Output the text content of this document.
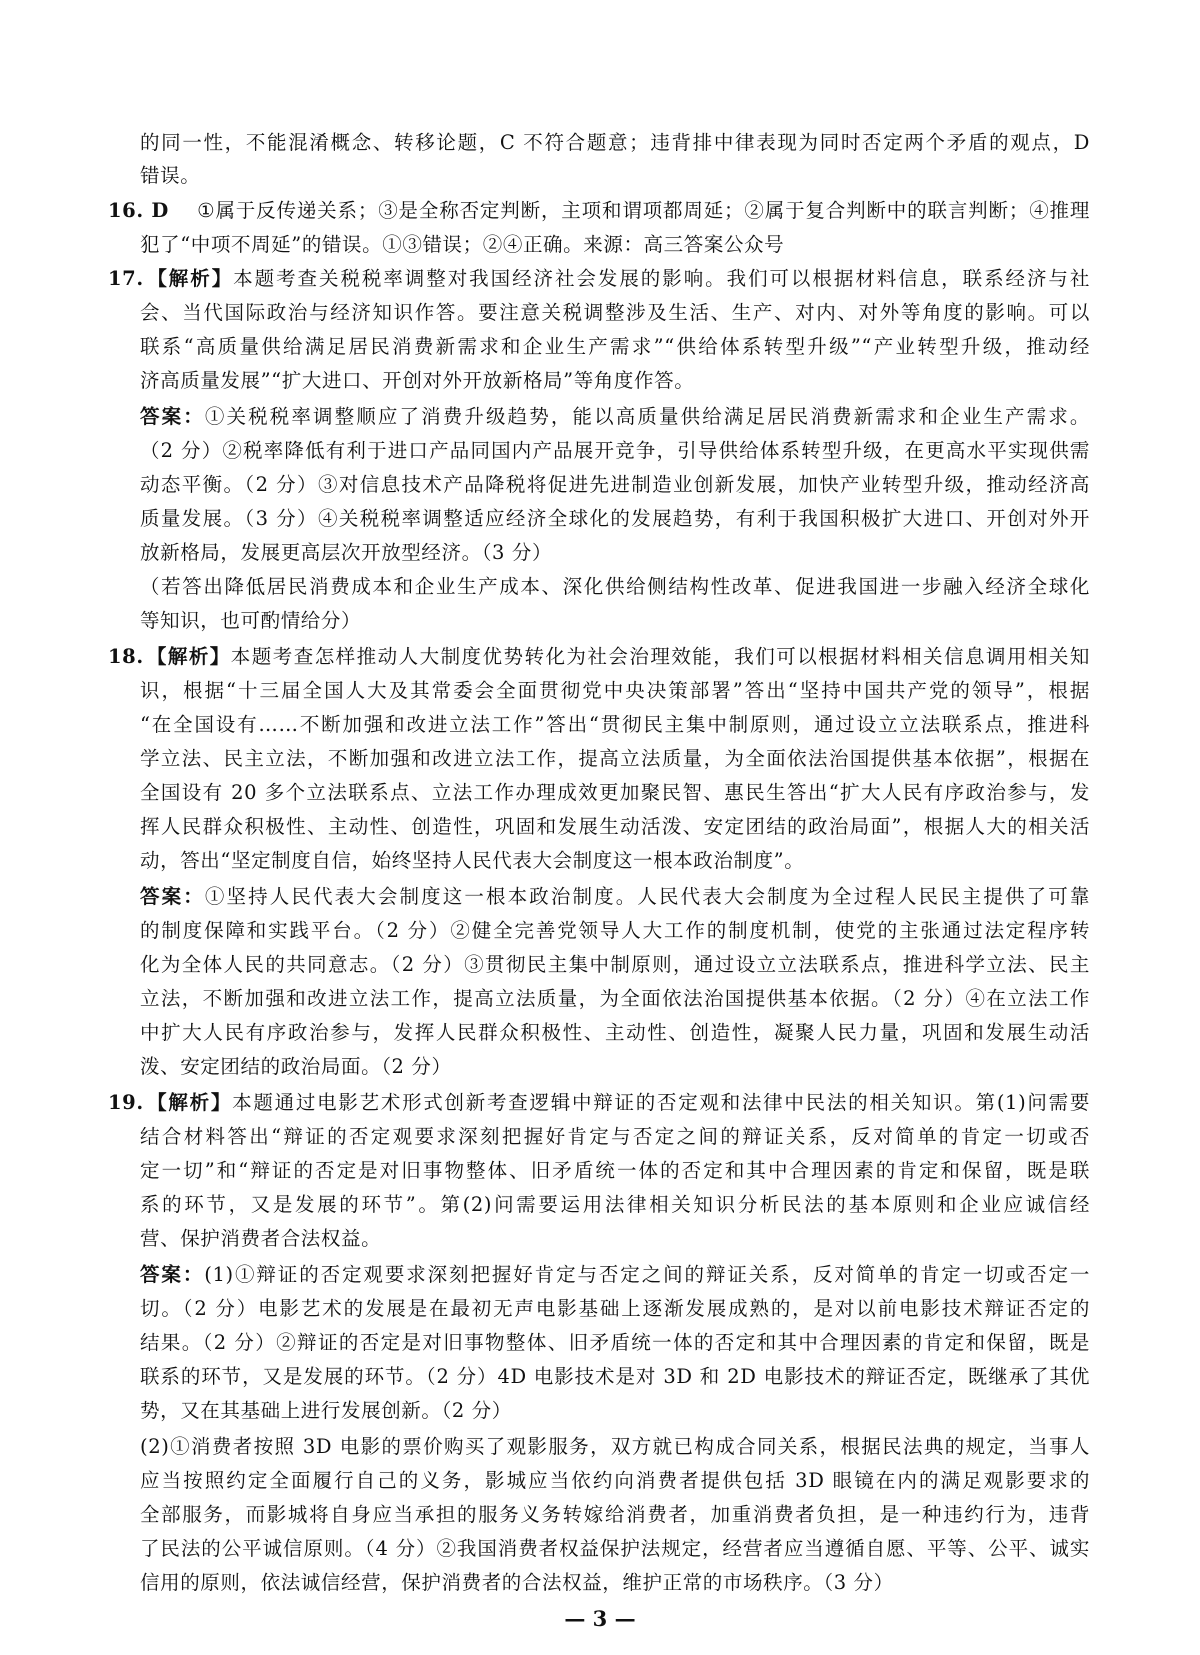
的同一性，不能混淆概念、转移论题，C 不符合题意；违背排中律表现为同时否定两个矛盾的观点，D
错误。
16. D ①属于反传递关系；③是全称否定判断，主项和谓项都周延；②属于复合判断中的联言判断；④推理
犯了“中项不周延”的错误。①③错误；②④正确。来源：高三答案公众号
17. 【解析】本题考查关税税率调整对我国经济社会发展的影响。我们可以根据材料信息，联系经济与社
会、当代国际政治与经济知识作答。要注意关税调整涉及生活、生产、对内、对外等角度的影响。可以
联系“高质量供给满足居民消费新需求和企业生产需求”“供给体系转型升级”“产业转型升级，推动经
济高质量发展”“扩大进口、开创对外开放新格局”等角度作答。
答案：①关税税率调整顺应了消费升级趋势，能以高质量供给满足居民消费新需求和企业生产需求。
（2 分）②税率降低有利于进口产品同国内产品展开竞争，引导供给体系转型升级，在更高水平实现供需
动态平衡。（2 分）③对信息技术产品降税将促进先进制造业创新发展，加快产业转型升级，推动经济高
质量发展。（3 分）④关税税率调整适应经济全球化的发展趋势，有利于我国积极扩大进口、开创对外开
放新格局，发展更高层次开放型经济。（3 分）
（若答出降低居民消费成本和企业生产成本、深化供给侧结构性改革、促进我国进一步融入经济全球化
等知识，也可酌情给分）
18. 【解析】本题考查怎样推动人大制度优势转化为社会治理效能，我们可以根据材料相关信息调用相关知
识，根据“十三届全国人大及其常委会全面贯彻党中央决策部署”答出“坚持中国共产党的领导”，根据
“在全国设有……不断加强和改进立法工作”答出“贯彻民主集中制原则，通过设立立法联系点，推进科
学立法、民主立法，不断加强和改进立法工作，提高立法质量，为全面依法治国提供基本依据”，根据在
全国设有 20 多个立法联系点、立法工作办理成效更加聚民智、惠民生答出“扩大人民有序政治参与，发
挥人民群众积极性、主动性、创造性，巩固和发展生动活泼、安定团结的政治局面”，根据人大的相关活
动，答出“坚定制度自信，始终坚持人民代表大会制度这一根本政治制度”。
答案：①坚持人民代表大会制度这一根本政治制度。人民代表大会制度为全过程人民民主提供了可靠
的制度保障和实践平台。（2 分）②健全完善党领导人大工作的制度机制，使党的主张通过法定程序转
化为全体人民的共同意志。（2 分）③贯彻民主集中制原则，通过设立立法联系点，推进科学立法、民主
立法，不断加强和改进立法工作，提高立法质量，为全面依法治国提供基本依据。（2 分）④在立法工作
中扩大人民有序政治参与，发挥人民群众积极性、主动性、创造性，凝聚人民力量，巩固和发展生动活
泼、安定团结的政治局面。（2 分）
19. 【解析】本题通过电影艺术形式创新考查逻辑中辩证的否定观和法律中民法的相关知识。第(1)问需要
结合材料答出“辩证的否定观要求深刻把握好肯定与否定之间的辩证关系，反对简单的肯定一切或否
定一切”和“辩证的否定是对旧事物整体、旧矛盾统一体的否定和其中合理因素的肯定和保留，既是联
系的环节，又是发展的环节”。第(2)问需要运用法律相关知识分析民法的基本原则和企业应诚信经
营、保护消费者合法权益。
答案：(1)①辩证的否定观要求深刻把握好肯定与否定之间的辩证关系，反对简单的肯定一切或否定一
切。（2 分）电影艺术的发展是在最初无声电影基础上逐渐发展成熟的，是对以前电影技术辩证否定的
结果。（2 分）②辩证的否定是对旧事物整体、旧矛盾统一体的否定和其中合理因素的肯定和保留，既是
联系的环节，又是发展的环节。（2 分）4D 电影技术是对 3D 和 2D 电影技术的辩证否定，既继承了其优
势，又在其基础上进行发展创新。（2 分）
(2)①消费者按照 3D 电影的票价购买了观影服务，双方就已构成合同关系，根据民法典的规定，当事人
应当按照约定全面履行自己的义务，影城应当依约向消费者提供包括 3D 眼镜在内的满足观影要求的
全部服务，而影城将自身应当承担的服务义务转嫁给消费者，加重消费者负担，是一种违约行为，违背
了民法的公平诚信原则。（4 分）②我国消费者权益保护法规定，经营者应当遵循自愿、平等、公平、诚实
信用的原则，依法诚信经营，保护消费者的合法权益，维护正常的市场秩序。（3 分）
— 3 —
